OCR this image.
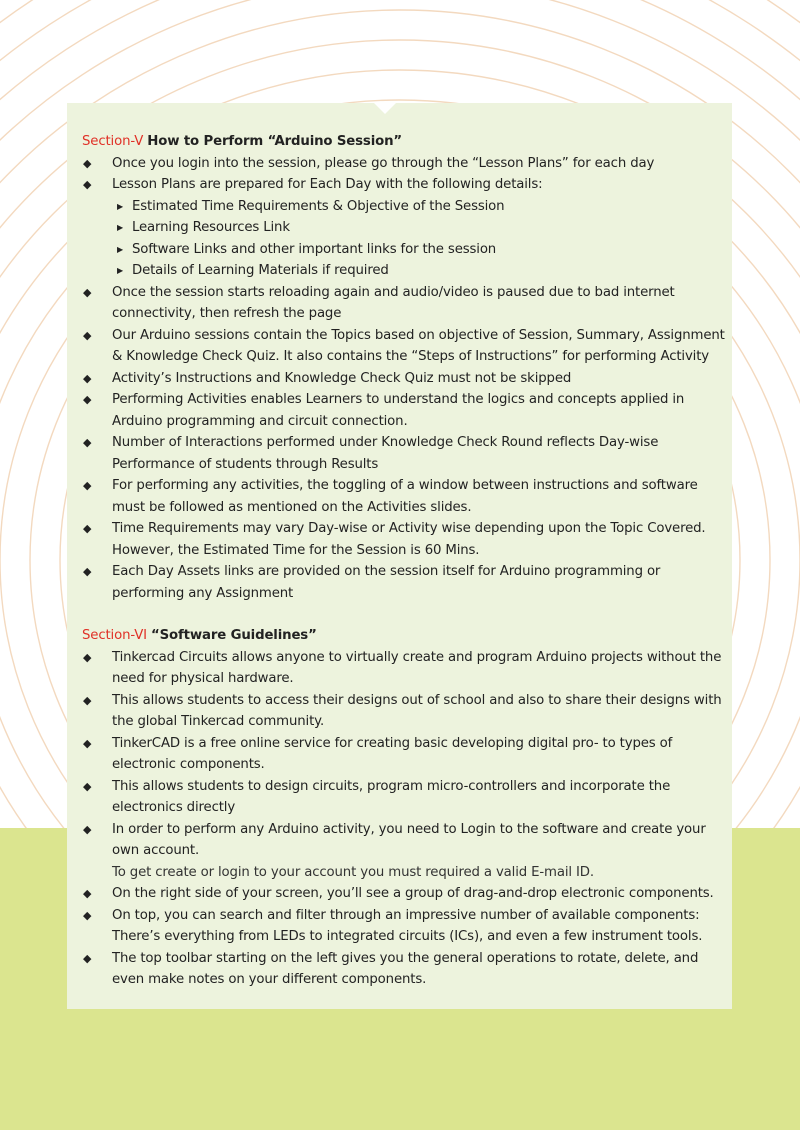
Section-V How to Perform “Arduino Session”

◆ Once you login into the session, please go through the “Lesson Plans” for each day
◆ Lesson Plans are prepared for Each Day with the following details:
▶ Estimated Time Requirements & Objective of the Session
▶ Learning Resources Link
▶ Software Links and other important links for the session
▶ Details of Learning Materials if required
◆ Once the session starts reloading again and audio/video is paused due to bad internet connectivity, then refresh the page
◆ Our Arduino sessions contain the Topics based on objective of Session, Summary, Assignment & Knowledge Check Quiz. It also contains the “Steps of Instructions” for performing Activity
◆ Activity’s Instructions and Knowledge Check Quiz must not be skipped
◆ Performing Activities enables Learners to understand the logics and concepts applied in Arduino programming and circuit connection.
◆ Number of Interactions performed under Knowledge Check Round reflects Day-wise Performance of students through Results
◆ For performing any activities, the toggling of a window between instructions and software must be followed as mentioned on the Activities slides.
◆ Time Requirements may vary Day-wise or Activity wise depending upon the Topic Covered. However, the Estimated Time for the Session is 60 Mins.
◆ Each Day Assets links are provided on the session itself for Arduino programming or performing any Assignment

Section-VI “Software Guidelines”

◆ Tinkercad Circuits allows anyone to virtually create and program Arduino projects without the need for physical hardware.
◆ This allows students to access their designs out of school and also to share their designs with the global Tinkercad community.
◆ TinkerCAD is a free online service for creating basic developing digital pro- to types of electronic components.
◆ This allows students to design circuits, program micro-controllers and incorporate the electronics directly
◆ In order to perform any Arduino activity, you need to Login to the software and create your own account.
To get create or login to your account you must required a valid E-mail ID.
◆ On the right side of your screen, you’ll see a group of drag-and-drop electronic components.
◆ On top, you can search and filter through an impressive number of available components: There’s everything from LEDs to integrated circuits (ICs), and even a few instrument tools.
◆ The top toolbar starting on the left gives you the general operations to rotate, delete, and even make notes on your different components.
